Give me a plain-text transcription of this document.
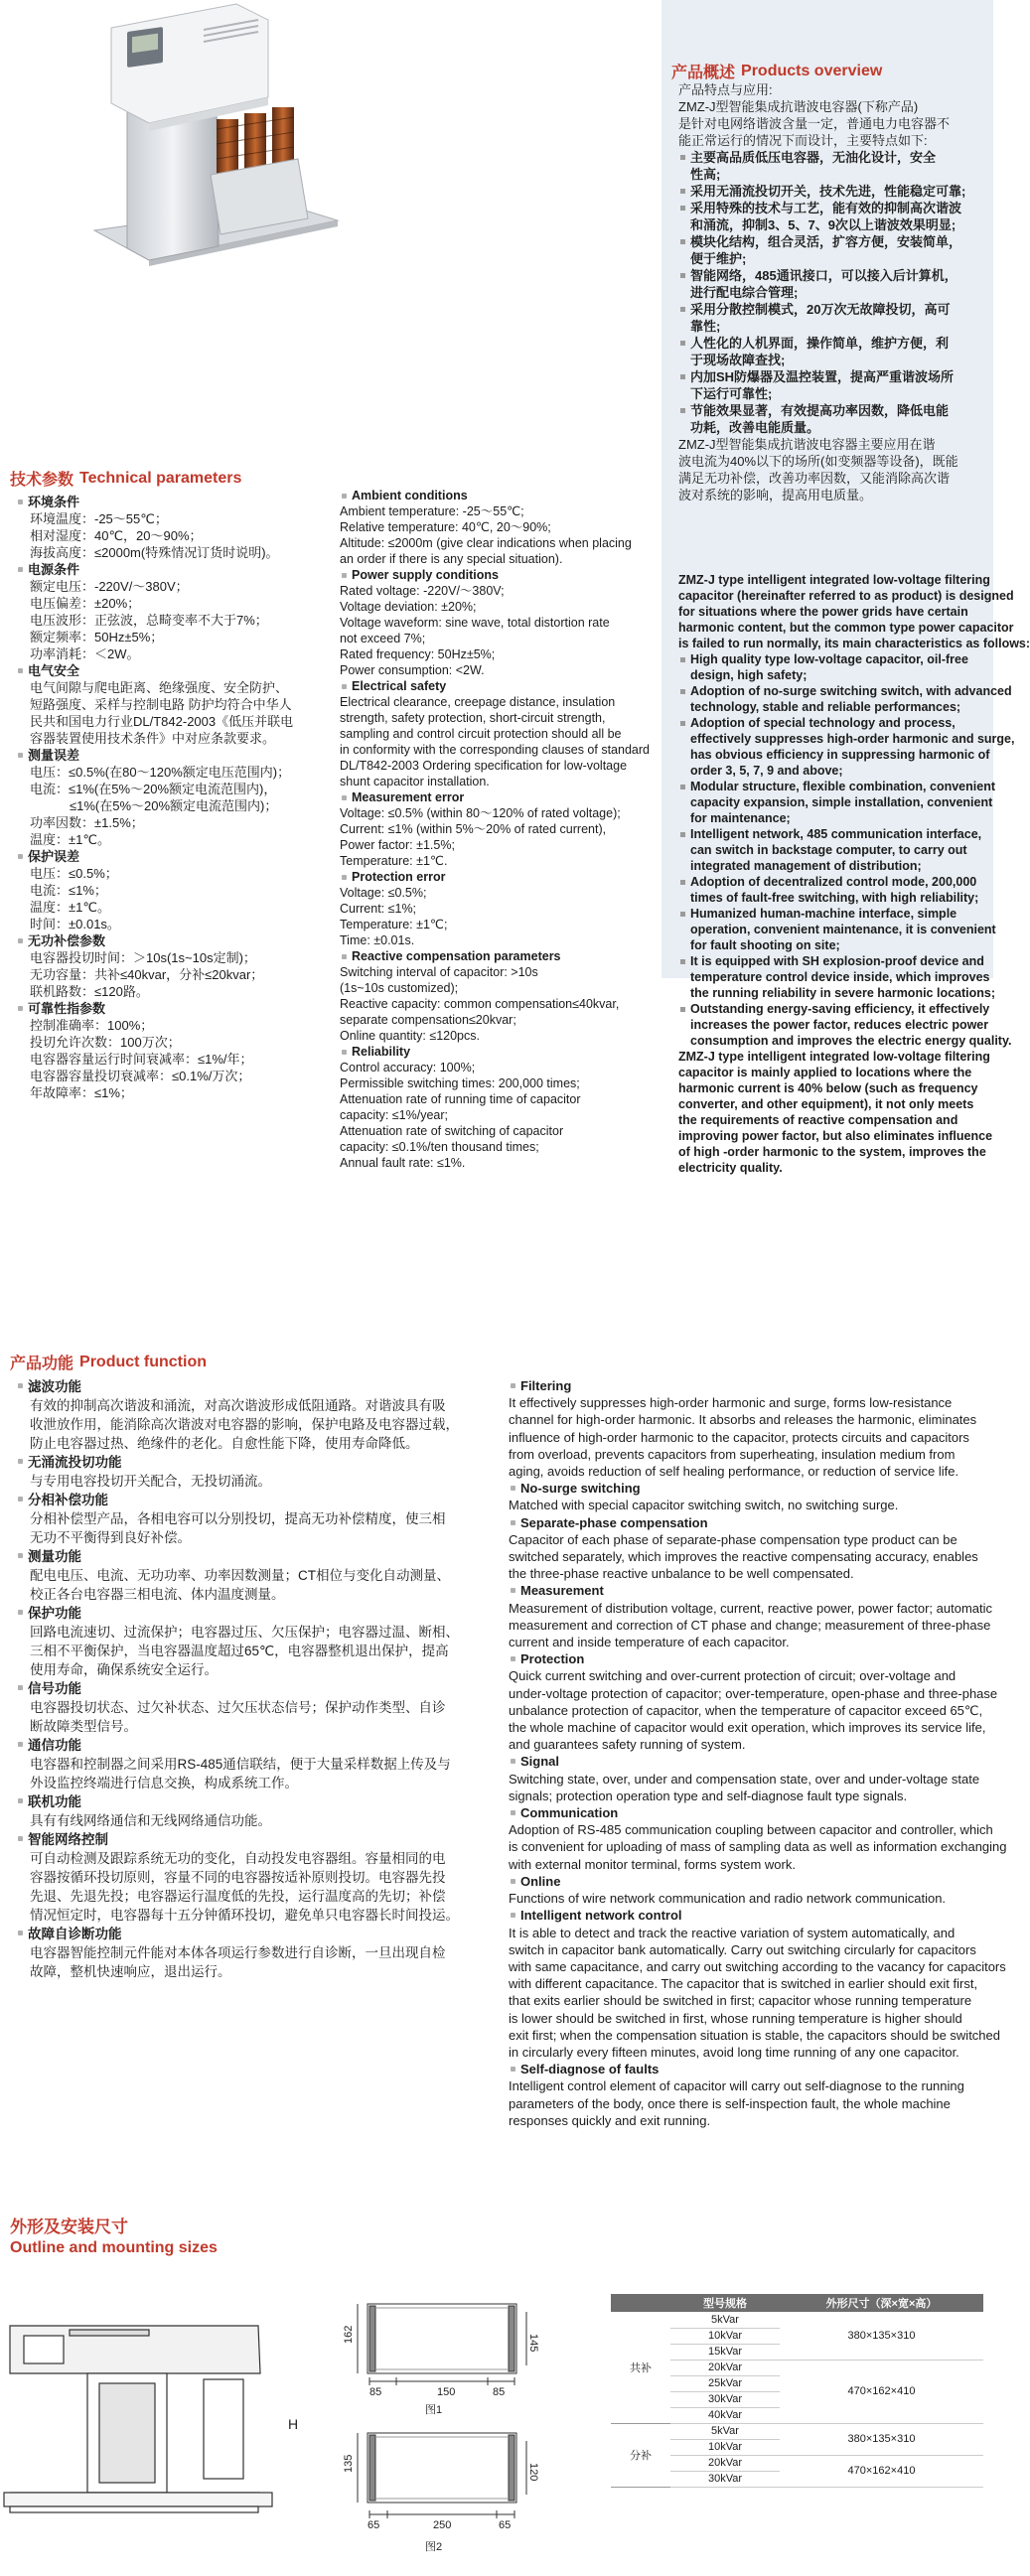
产品概述 Products overview
产品特点与应用:
ZMZ-J型智能集成抗谐波电容器(下称产品)
是针对电网络谐波含量一定，普通电力电容器不
能正常运行的情况下而设计，主要特点如下:
主要高品质低压电容器，无油化设计，安全
性高;
采用无涌流投切开关，技术先进，性能稳定可靠;
采用特殊的技术与工艺，能有效的抑制高次谐波
和涌流，抑制3、5、7、9次以上谐波效果明显;
模块化结构，组合灵活，扩容方便，安装简单，
便于维护;
智能网络，485通讯接口，可以接入后计算机，
进行配电综合管理;
采用分散控制模式，20万次无故障投切，高可
靠性;
人性化的人机界面，操作简单，维护方便，利
于现场故障查找;
内加SH防爆器及温控装置，提高严重谐波场所
下运行可靠性;
节能效果显著，有效提高功率因数，降低电能
功耗，改善电能质量。
ZMZ-J型智能集成抗谐波电容器主要应用在谐
波电流为40%以下的场所(如变频器等设备)，既能
满足无功补偿，改善功率因数，又能消除高次谐
波对系统的影响，提高用电质量。
ZMZ-J type intelligent integrated low-voltage filtering
capacitor (hereinafter referred to as product) is designed
for situations where the power grids have certain
harmonic content, but the common type power capacitor
is failed to run normally, its main characteristics as follows:
High quality type low-voltage capacitor, oil-free
design, high safety;
Adoption of no-surge switching switch, with advanced
technology, stable and reliable performances;
Adoption of special technology and process,
effectively suppresses high-order harmonic and surge,
has obvious efficiency in suppressing harmonic of
order 3, 5, 7, 9 and above;
Modular structure, flexible combination, convenient
capacity expansion, simple installation, convenient
for maintenance;
Intelligent network, 485 communication interface,
can switch in backstage computer, to carry out
integrated management of distribution;
Adoption of decentralized control mode, 200,000
times of fault-free switching, with high reliability;
Humanized human-machine interface, simple
operation, convenient maintenance, it is convenient
for fault shooting on site;
It is equipped with SH explosion-proof device and
temperature control device inside, which improves
the running reliability in severe harmonic locations;
Outstanding energy-saving efficiency, it effectively
increases the power factor, reduces electric power
consumption and improves the electric energy quality.
ZMZ-J type intelligent integrated low-voltage filtering
capacitor is mainly applied to locations where the
harmonic current is 40% below (such as frequency
converter, and other equipment), it not only meets
the requirements of reactive compensation and
improving power factor, but also eliminates influence
of high -order harmonic to the system, improves the
electricity quality.
技术参数 Technical parameters
环境条件
环境温度：-25～55℃；
相对湿度：40℃，20～90%；
海拔高度：≤2000m(特殊情况订货时说明)。
电源条件
额定电压：-220V/～380V；
电压偏差：±20%；
电压波形：正弦波，总畸变率不大于7%；
额定频率：50Hz±5%；
功率消耗：＜2W。
电气安全
电气间隙与爬电距离、绝缘强度、安全防护、
短路强度、采样与控制电路 防护均符合中华人
民共和国电力行业DL/T842-2003《低压并联电
容器装置使用技术条件》中对应条款要求。
测量误差
电压：≤0.5%(在80～120%额定电压范围内)；
电流：≤1%(在5%～20%额定电流范围内)，
≤1%(在5%～20%额定电流范围内)；
功率因数：±1.5%；
温度：±1℃。
保护误差
电压：≤0.5%；
电流：≤1%；
温度：±1℃。
时间：±0.01s。
无功补偿参数
电容器投切时间：＞10s(1s~10s定制)；
无功容量：共补≤40kvar，分补≤20kvar；
联机路数：≤120路。
可靠性指参数
控制准确率：100%；
投切允许次数：100万次；
电容器容量运行时间衰减率：≤1%/年；
电容器容量投切衰减率：≤0.1%/万次；
年故障率：≤1%；
Ambient conditions
Ambient temperature: -25～55℃;
Relative temperature: 40℃, 20～90%;
Altitude: ≤2000m (give clear indications when placing
an order if there is any special situation).
Power supply conditions
Rated voltage: -220V/～380V;
Voltage deviation: ±20%;
Voltage waveform: sine wave, total distortion rate
not exceed 7%;
Rated frequency: 50Hz±5%;
Power consumption: <2W.
Electrical safety
Electrical clearance, creepage distance, insulation
strength, safety protection, short-circuit strength,
sampling and control circuit protection should all be
in conformity with the corresponding clauses of standard
DL/T842-2003 Ordering specification for low-voltage
shunt capacitor installation.
Measurement error
Voltage: ≤0.5% (within 80～120% of rated voltage);
Current: ≤1% (within 5%～20% of rated current),
Power factor: ±1.5%;
Temperature: ±1℃.
Protection error
Voltage: ≤0.5%;
Current: ≤1%;
Temperature: ±1℃;
Time: ±0.01s.
Reactive compensation parameters
Switching interval of capacitor: >10s
(1s~10s customized);
Reactive capacity: common compensation≤40kvar,
separate compensation≤20kvar;
Online quantity: ≤120pcs.
Reliability
Control accuracy: 100%;
Permissible switching times: 200,000 times;
Attenuation rate of running time of capacitor
capacity: ≤1%/year;
Attenuation rate of switching of capacitor
capacity: ≤0.1%/ten thousand times;
Annual fault rate: ≤1%.
产品功能 Product function
滤波功能
有效的抑制高次谐波和涌流，对高次谐波形成低阻通路。对谐波具有吸
收泄放作用，能消除高次谐波对电容器的影响，保护电路及电容器过载，
防止电容器过热、绝缘件的老化。自愈性能下降，使用寿命降低。
无涌流投切功能
与专用电容投切开关配合，无投切涌流。
分相补偿功能
分相补偿型产品，各相电容可以分别投切，提高无功补偿精度，使三相
无功不平衡得到良好补偿。
测量功能
配电电压、电流、无功功率、功率因数测量；CT相位与变化自动测量、
校正各台电容器三相电流、体内温度测量。
保护功能
回路电流速切、过流保护；电容器过压、欠压保护；电容器过温、断相、
三相不平衡保护，当电容器温度超过65℃，电容器整机退出保护，提高
使用寿命，确保系统安全运行。
信号功能
电容器投切状态、过欠补状态、过欠压状态信号；保护动作类型、自诊
断故障类型信号。
通信功能
电容器和控制器之间采用RS-485通信联结，便于大量采样数据上传及与
外设监控终端进行信息交换，构成系统工作。
联机功能
具有有线网络通信和无线网络通信功能。
智能网络控制
可自动检测及跟踪系统无功的变化，自动投发电容器组。容量相同的电
容器按循环投切原则，容量不同的电容器按适补原则投切。电容器先投
先退、先退先投；电容器运行温度低的先投，运行温度高的先切；补偿
情况恒定时，电容器每十五分钟循环投切，避免单只电容器长时间投运。
故障自诊断功能
电容器智能控制元件能对本体各项运行参数进行自诊断，一旦出现自检
故障，整机快速响应，退出运行。
Filtering
It effectively suppresses high-order harmonic and surge, forms low-resistance
channel for high-order harmonic. It absorbs and releases the harmonic, eliminates
influence of high-order harmonic to the capacitor, protects circuits and capacitors
from overload, prevents capacitors from superheating, insulation medium from
aging, avoids reduction of self healing performance, or reduction of service life.
No-surge switching
Matched with special capacitor switching switch, no switching surge.
Separate-phase compensation
Capacitor of each phase of separate-phase compensation type product can be
switched separately, which improves the reactive compensating accuracy, enables
the three-phase reactive unbalance to be well compensated.
Measurement
Measurement of distribution voltage, current, reactive power, power factor; automatic
measurement and correction of CT phase and change; measurement of three-phase
current and inside temperature of each capacitor.
Protection
Quick current switching and over-current protection of circuit; over-voltage and
under-voltage protection of capacitor; over-temperature, open-phase and three-phase
unbalance protection of capacitor, when the temperature of capacitor exceed 65℃,
the whole machine of capacitor would exit operation, which improves its service life,
and guarantees safety running of system.
Signal
Switching state, over, under and compensation state, over and under-voltage state
signals; protection operation type and self-diagnose fault type signals.
Communication
Adoption of RS-485 communication coupling between capacitor and controller, which
is convenient for uploading of mass of sampling data as well as information exchanging
with external monitor terminal, forms system work.
Online
Functions of wire network communication and radio network communication.
Intelligent network control
It is able to detect and track the reactive variation of system automatically, and
switch in capacitor bank automatically. Carry out switching circularly for capacitors
with same capacitance, and carry out switching according to the vacancy for capacitors
with different capacitance. The capacitor that is switched in earlier should exit first,
that exits earlier should be switched in first; capacitor whose running temperature
is lower should be switched in first, whose running temperature is higher should
exit first; when the compensation situation is stable, the capacitors should be switched
in circularly every fifteen minutes, avoid long time running of any one capacitor.
Self-diagnose of faults
Intelligent control element of capacitor will carry out self-diagnose to the running
parameters of the body, once there is self-inspection fault, the whole machine
responses quickly and exit running.
外形及安装尺寸
Outline and mounting sizes
H
85	150	85
162	145
图1
65	250	65
135	120
图2
	型号规格	外形尺寸（深×宽×高）
共补	5kVar	380×135×310
	10kVar	
	15kVar	
	20kVar	470×162×410
	25kVar	
	30kVar	
	40kVar	
分补	5kVar	380×135×310
	10kVar	
	20kVar	470×162×410
	30kVar	
